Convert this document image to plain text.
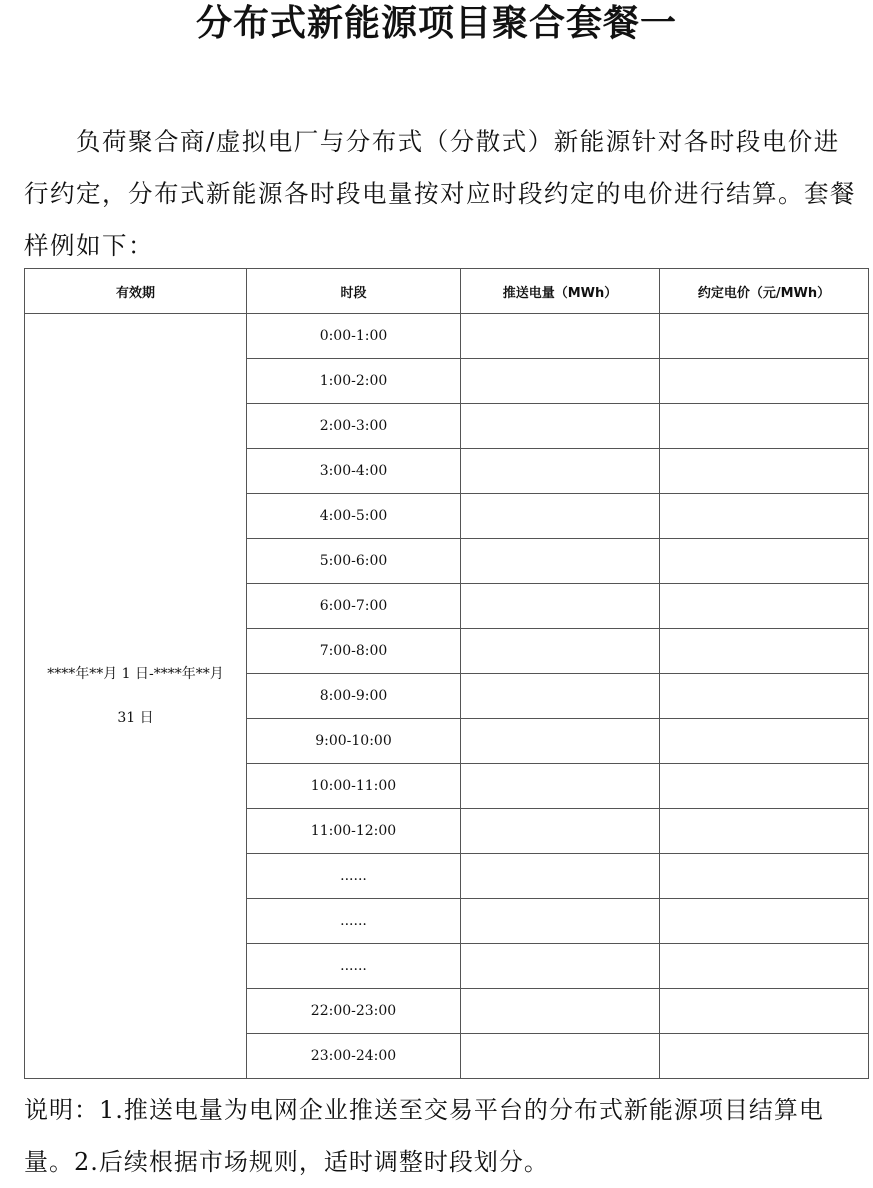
分布式新能源项目聚合套餐一

负荷聚合商/虚拟电厂与分布式（分散式）新能源针对各时段电价进行约定，分布式新能源各时段电量按对应时段约定的电价进行结算。套餐样例如下：

有效期	时段	推送电量（MWh）	约定电价（元/MWh）

****年**月 1 日-****年**月
31 日	0:00-1:00		
	1:00-2:00		
	2:00-3:00		
	3:00-4:00		
	4:00-5:00		
	5:00-6:00		
	6:00-7:00		
	7:00-8:00		
	8:00-9:00		
	9:00-10:00		
	10:00-11:00		
	11:00-12:00		
	......		
	......		
	......		
	22:00-23:00		
	23:00-24:00		

说明：1.推送电量为电网企业推送至交易平台的分布式新能源项目结算电量。2.后续根据市场规则，适时调整时段划分。
